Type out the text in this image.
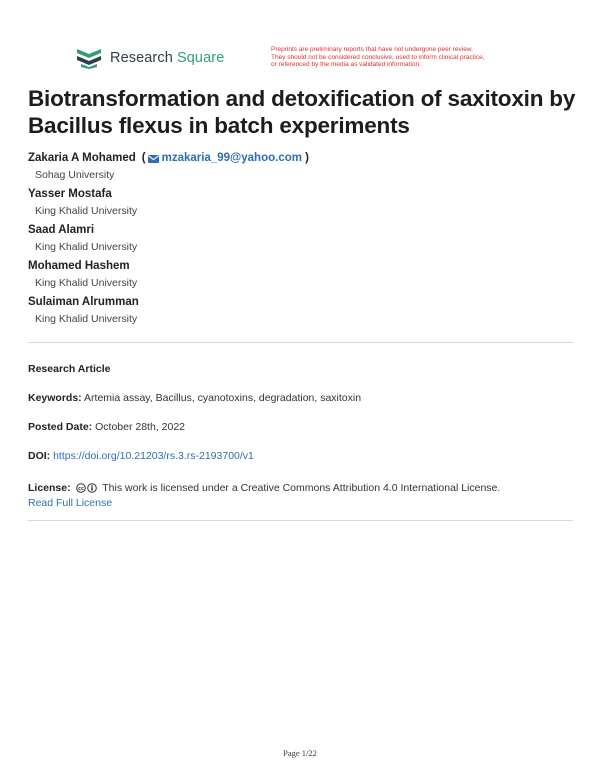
Research Square
Preprints are preliminary reports that have not undergone peer review.
They should not be considered conclusive, used to inform clinical practice,
or referenced by the media as validated information.
Biotransformation and detoxification of saxitoxin by Bacillus flexus in batch experiments
Zakaria A Mohamed ( mzakaria_99@yahoo.com )
Sohag University
Yasser Mostafa
King Khalid University
Saad Alamri
King Khalid University
Mohamed Hashem
King Khalid University
Sulaiman Alrumman
King Khalid University
Research Article
Keywords: Artemia assay, Bacillus, cyanotoxins, degradation, saxitoxin
Posted Date: October 28th, 2022
DOI: https://doi.org/10.21203/rs.3.rs-2193700/v1
License: cc This work is licensed under a Creative Commons Attribution 4.0 International License.
Read Full License
Page 1/22
